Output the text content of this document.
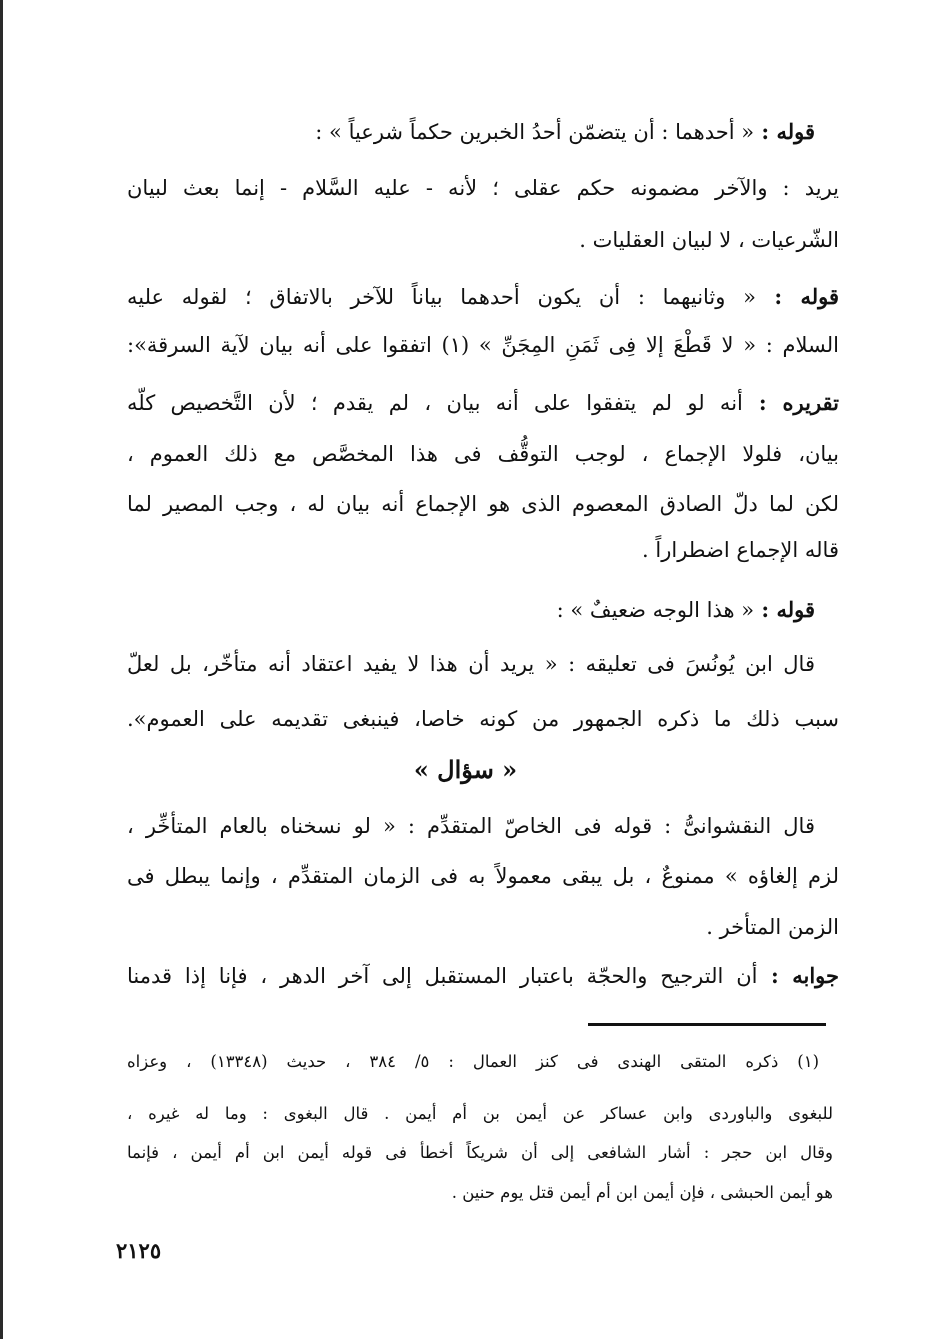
قوله : « أحدهما : أن يتضمّن أحدُ الخبرين حكماً شرعياً » :
يريد : والآخر مضمونه حكم عقلى ؛ لأنه - عليه السَّلام - إنما بعث لبيان
الشّرعيات ، لا لبيان العقليات .
قوله : « وثانيهما : أن يكون أحدهما بياناً للآخر بالاتفاق ؛ لقوله عليه
السلام : « لا قَطْعَ إلا فِى ثَمَنِ المِجَنِّ » (١) اتفقوا على أنه بيان لآية السرقة»:
تقريره : أنه لو لم يتفقوا على أنه بيان ، لم يقدم ؛ لأن التَّخصيص كلّه
بيان، فلولا الإجماع ، لوجب التوقُّف فى هذا المخصَّص مع ذلك العموم ،
لكن لما دلّ الصادق المعصوم الذى هو الإجماع أنه بيان له ، وجب المصير لما
قاله الإجماع اضطراراً .
قوله : « هذا الوجه ضعيفٌ » :
قال ابن يُونُسَ فى تعليقه : « يريد أن هذا لا يفيد اعتقاد أنه متأخّر، بل لعلّ
سبب ذلك ما ذكره الجمهور من كونه خاصا، فينبغى تقديمه على العموم».
« سؤال »
قال النقشوانىُّ : قوله فى الخاصّ المتقدِّم : « لو نسخناه بالعام المتأخِّر ،
لزم إلغاؤه » ممنوعٌ ، بل يبقى معمولاً به فى الزمان المتقدِّم ، وإنما يبطل فى
الزمن المتأخر .
جوابه : أن الترجيح والحجّة باعتبار المستقبل إلى آخر الدهر ، فإنا إذا قدمنا
(١) ذكره المتقى الهندى فى كنز العمال : ٥/ ٣٨٤ ، حديث (١٣٣٤٨) ، وعزاه
للبغوى والباوردى وابن عساكر عن أيمن بن أم أيمن . قال البغوى : وما له غيره ،
وقال ابن حجر : أشار الشافعى إلى أن شريكاً أخطأ فى قوله أيمن ابن أم أيمن ، فإنما
هو أيمن الحبشى ، فإن أيمن ابن أم أيمن قتل يوم حنين .
٢١٢٥
